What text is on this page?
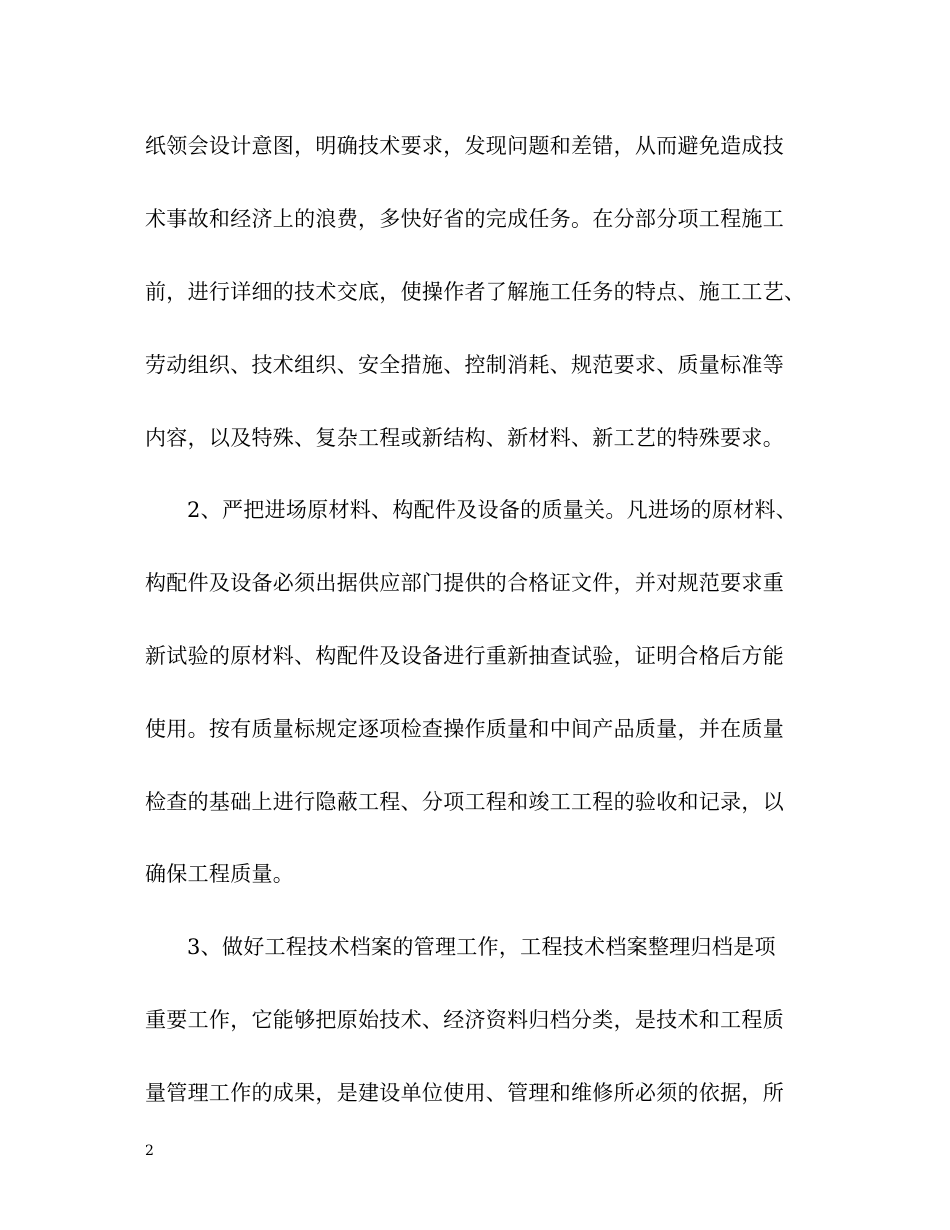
纸领会设计意图，明确技术要求，发现问题和差错，从而避免造成技
术事故和经济上的浪费，多快好省的完成任务。在分部分项工程施工
前，进行详细的技术交底，使操作者了解施工任务的特点、施工工艺、
劳动组织、技术组织、安全措施、控制消耗、规范要求、质量标准等
内容，以及特殊、复杂工程或新结构、新材料、新工艺的特殊要求。
2、严把进场原材料、构配件及设备的质量关。凡进场的原材料、
构配件及设备必须出据供应部门提供的合格证文件，并对规范要求重
新试验的原材料、构配件及设备进行重新抽查试验，证明合格后方能
使用。按有质量标规定逐项检查操作质量和中间产品质量，并在质量
检查的基础上进行隐蔽工程、分项工程和竣工工程的验收和记录，以
确保工程质量。
3、做好工程技术档案的管理工作，工程技术档案整理归档是项
重要工作，它能够把原始技术、经济资料归档分类，是技术和工程质
量管理工作的成果，是建设单位使用、管理和维修所必须的依据，所
2
